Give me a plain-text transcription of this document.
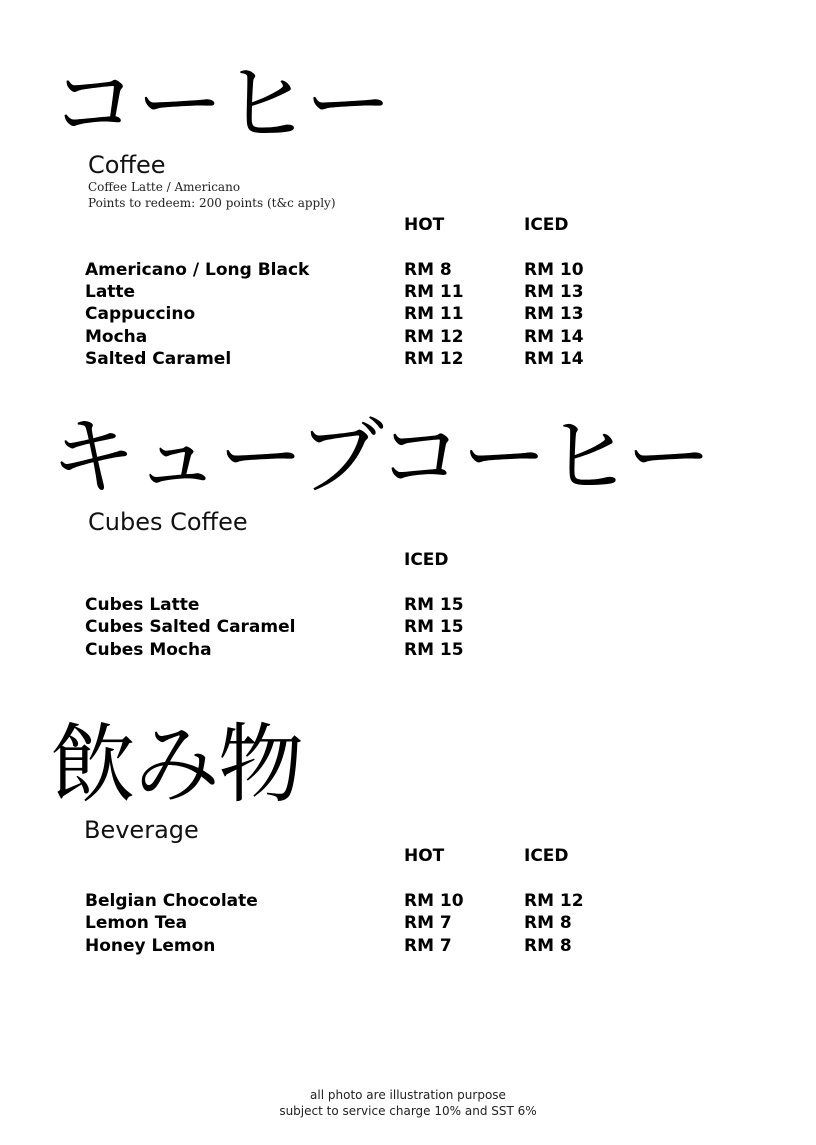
コーヒー
Coffee
Coffee Latte / Americano
Points to redeem: 200 points (t&c apply)
HOT	ICED
Americano / Long Black	RM 8	RM 10
Latte	RM 11	RM 13
Cappuccino	RM 11	RM 13
Mocha	RM 12	RM 14
Salted Caramel	RM 12	RM 14
キューブコーヒー
Cubes Coffee
ICED
Cubes Latte	RM 15
Cubes Salted Caramel	RM 15
Cubes Mocha	RM 15
飲み物
Beverage
HOT	ICED
Belgian Chocolate	RM 10	RM 12
Lemon Tea	RM 7	RM 8
Honey Lemon	RM 7	RM 8
all photo are illustration purpose
subject to service charge 10% and SST 6%
